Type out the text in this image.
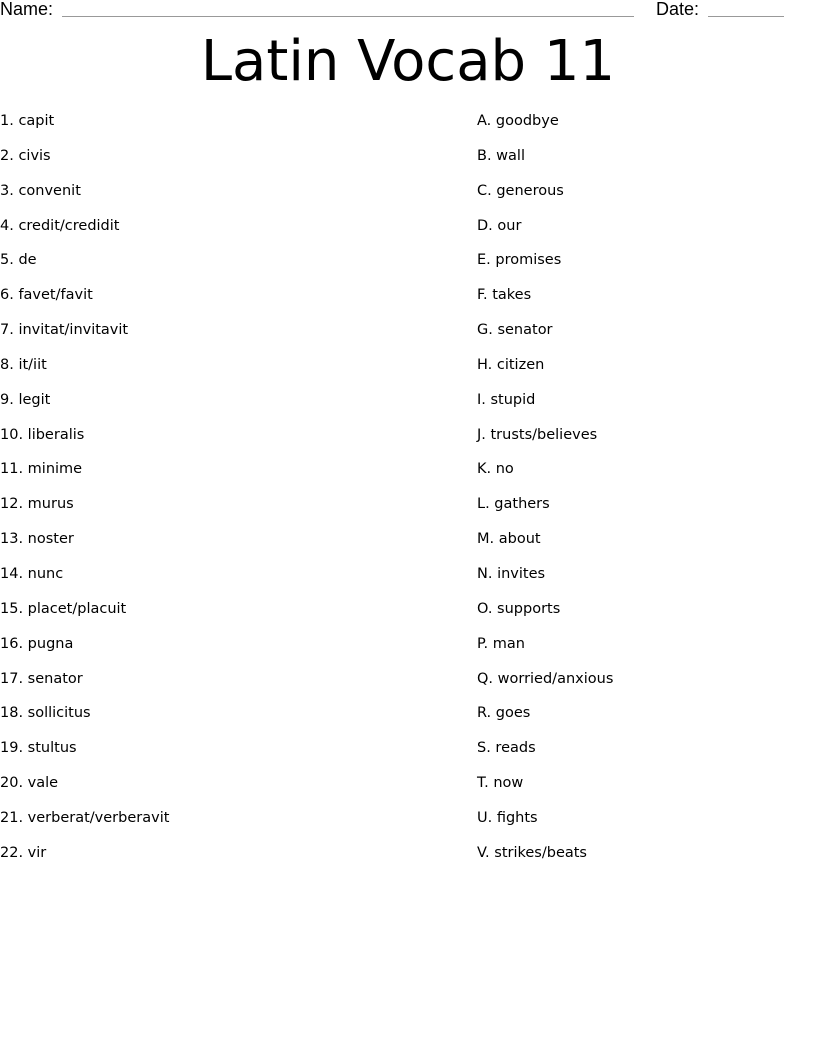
Name:	Date:
Latin Vocab 11
1. capit
2. civis
3. convenit
4. credit/credidit
5. de
6. favet/favit
7. invitat/invitavit
8. it/iit
9. legit
10. liberalis
11. minime
12. murus
13. noster
14. nunc
15. placet/placuit
16. pugna
17. senator
18. sollicitus
19. stultus
20. vale
21. verberat/verberavit
22. vir
A. goodbye
B. wall
C. generous
D. our
E. promises
F. takes
G. senator
H. citizen
I. stupid
J. trusts/believes
K. no
L. gathers
M. about
N. invites
O. supports
P. man
Q. worried/anxious
R. goes
S. reads
T. now
U. fights
V. strikes/beats
